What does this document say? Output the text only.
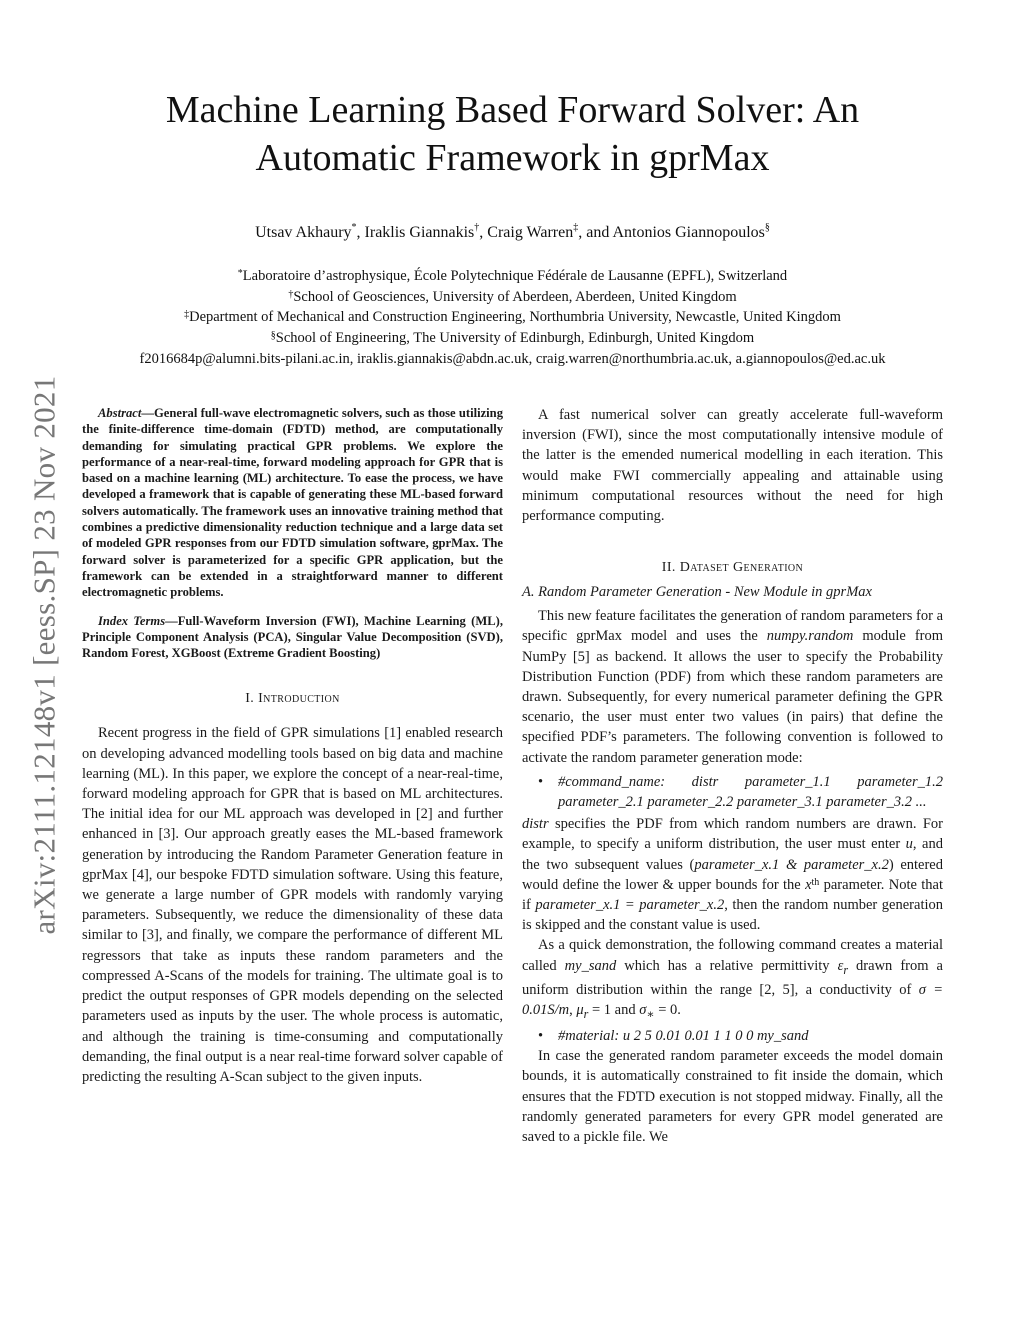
arXiv:2111.12148v1 [eess.SP] 23 Nov 2021
Machine Learning Based Forward Solver: An
Automatic Framework in gprMax
Utsav Akhaury*, Iraklis Giannakis†, Craig Warren‡, and Antonios Giannopoulos§
*Laboratoire d’astrophysique, École Polytechnique Fédérale de Lausanne (EPFL), Switzerland
†School of Geosciences, University of Aberdeen, Aberdeen, United Kingdom
‡Department of Mechanical and Construction Engineering, Northumbria University, Newcastle, United Kingdom
§School of Engineering, The University of Edinburgh, Edinburgh, United Kingdom
f2016684p@alumni.bits-pilani.ac.in, iraklis.giannakis@abdn.ac.uk, craig.warren@northumbria.ac.uk, a.giannopoulos@ed.ac.uk

Abstract—General full-wave electromagnetic solvers, such as those utilizing the finite-difference time-domain (FDTD) method, are computationally demanding for simulating practical GPR problems. We explore the performance of a near-real-time, forward modeling approach for GPR that is based on a machine learning (ML) architecture. To ease the process, we have developed a framework that is capable of generating these ML-based forward solvers automatically. The framework uses an innovative training method that combines a predictive dimensionality reduction technique and a large data set of modeled GPR responses from our FDTD simulation software, gprMax. The forward solver is parameterized for a specific GPR application, but the framework can be extended in a straightforward manner to different electromagnetic problems.

Index Terms—Full-Waveform Inversion (FWI), Machine Learning (ML), Principle Component Analysis (PCA), Singular Value Decomposition (SVD), Random Forest, XGBoost (Extreme Gradient Boosting)

I. Introduction

Recent progress in the field of GPR simulations [1] enabled research on developing advanced modelling tools based on big data and machine learning (ML). In this paper, we explore the concept of a near-real-time, forward modeling approach for GPR that is based on ML architectures. The initial idea for our ML approach was developed in [2] and further enhanced in [3]. Our approach greatly eases the ML-based framework generation by introducing the Random Parameter Generation feature in gprMax [4], our bespoke FDTD simulation software. Using this feature, we generate a large number of GPR models with randomly varying parameters. Subsequently, we reduce the dimensionality of these data similar to [3], and finally, we compare the performance of different ML regressors that take as inputs these random parameters and the compressed A-Scans of the models for training. The ultimate goal is to predict the output responses of GPR models depending on the selected parameters used as inputs by the user. The whole process is automatic, and although the training is time-consuming and computationally demanding, the final output is a near real-time forward solver capable of predicting the resulting A-Scan subject to the given inputs.

A fast numerical solver can greatly accelerate full-waveform inversion (FWI), since the most computationally intensive module of the latter is the emended numerical modelling in each iteration. This would make FWI commercially appealing and attainable using minimum computational resources without the need for high performance computing.

II. Dataset Generation

A. Random Parameter Generation - New Module in gprMax

This new feature facilitates the generation of random parameters for a specific gprMax model and uses the numpy.random module from NumPy [5] as backend. It allows the user to specify the Probability Distribution Function (PDF) from which these random parameters are drawn. Subsequently, for every numerical parameter defining the GPR scenario, the user must enter two values (in pairs) that define the specified PDF’s parameters. The following convention is followed to activate the random parameter generation mode:

• #command_name: distr parameter_1.1 parameter_1.2 parameter_2.1 parameter_2.2 parameter_3.1 parameter_3.2 ...

distr specifies the PDF from which random numbers are drawn. For example, to specify a uniform distribution, the user must enter u, and the two subsequent values (parameter_x.1 & parameter_x.2) entered would define the lower & upper bounds for the $x^{th}$ parameter. Note that if parameter_x.1 = parameter_x.2, then the random number generation is skipped and the constant value is used.

As a quick demonstration, the following command creates a material called my_sand which has a relative permittivity $\varepsilon_r$ drawn from a uniform distribution within the range [2, 5], a conductivity of σ = 0.01S/m, $\mu_r = 1$ and $\sigma_∗ = 0$.

• #material: u 2 5 0.01 0.01 1 1 0 0 my_sand

In case the generated random parameter exceeds the model domain bounds, it is automatically constrained to fit inside the domain, which ensures that the FDTD execution is not stopped midway. Finally, all the randomly generated parameters for every GPR model generated are saved to a pickle file. We
